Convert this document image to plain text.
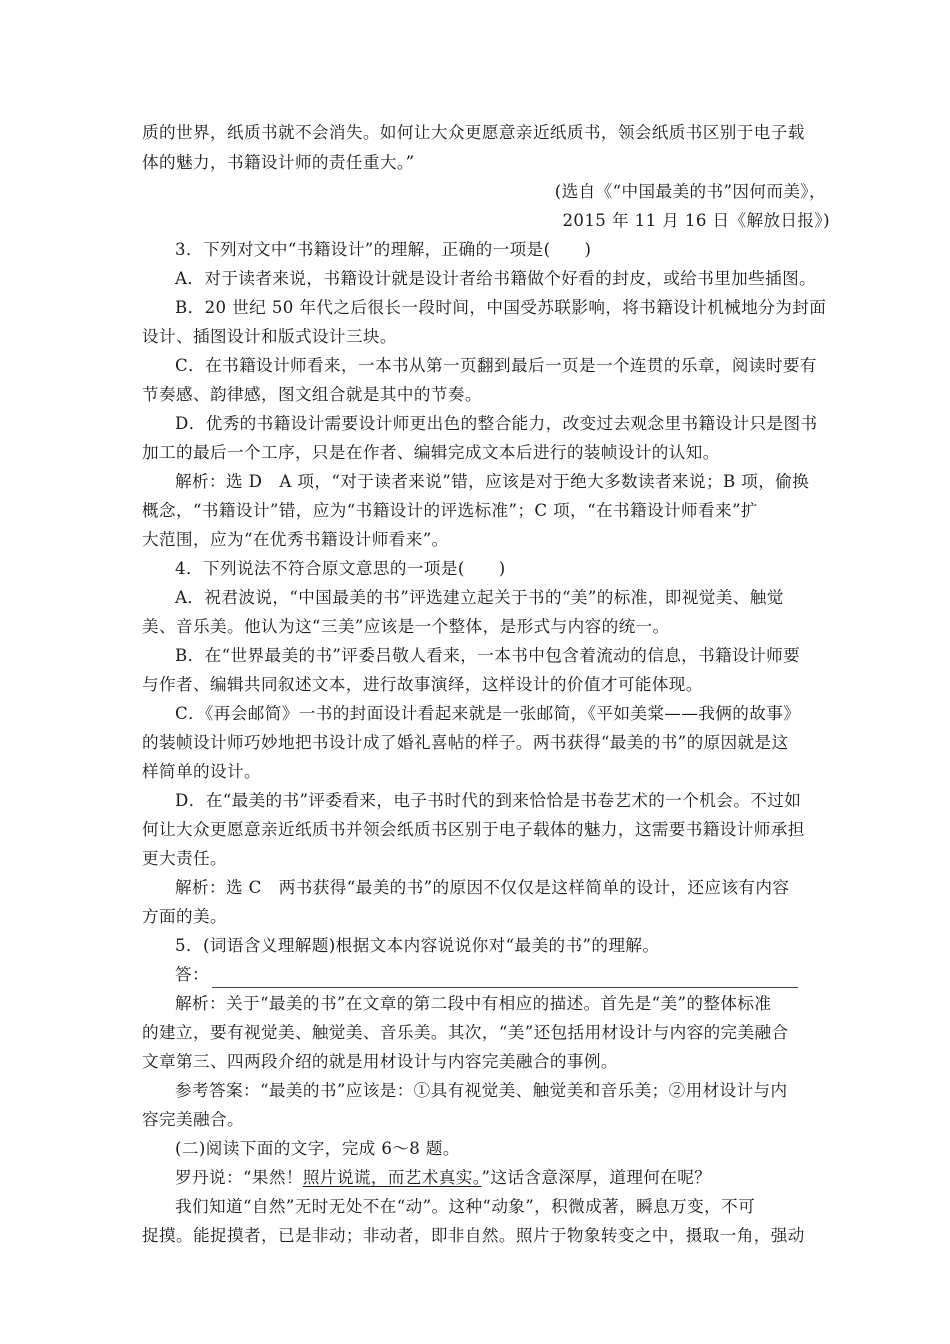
质的世界，纸质书就不会消失。如何让大众更愿意亲近纸质书，领会纸质书区别于电子载
体的魅力，书籍设计师的责任重大。”
(选自《“中国最美的书”因何而美》，
2015 年 11 月 16 日《解放日报》)
3．下列对文中“书籍设计”的理解，正确的一项是(　　)
A．对于读者来说，书籍设计就是设计者给书籍做个好看的封皮，或给书里加些插图。
B．20 世纪 50 年代之后很长一段时间，中国受苏联影响，将书籍设计机械地分为封面
设计、插图设计和版式设计三块。
C．在书籍设计师看来，一本书从第一页翻到最后一页是一个连贯的乐章，阅读时要有
节奏感、韵律感，图文组合就是其中的节奏。
D．优秀的书籍设计需要设计师更出色的整合能力，改变过去观念里书籍设计只是图书
加工的最后一个工序，只是在作者、编辑完成文本后进行的装帧设计的认知。
解析：选 D　A 项，“对于读者来说”错，应该是对于绝大多数读者来说；B 项，偷换
概念，“书籍设计”错，应为“书籍设计的评选标准”；C 项，“在书籍设计师看来”扩
大范围，应为“在优秀书籍设计师看来”。
4．下列说法不符合原文意思的一项是(　　)
A．祝君波说，“中国最美的书”评选建立起关于书的“美”的标准，即视觉美、触觉
美、音乐美。他认为这“三美”应该是一个整体，是形式与内容的统一。
B．在“世界最美的书”评委吕敬人看来，一本书中包含着流动的信息，书籍设计师要
与作者、编辑共同叙述文本，进行故事演绎，这样设计的价值才可能体现。
C．《再会邮简》一书的封面设计看起来就是一张邮简，《平如美棠——我俩的故事》
的装帧设计师巧妙地把书设计成了婚礼喜帖的样子。两书获得“最美的书”的原因就是这
样简单的设计。
D．在“最美的书”评委看来，电子书时代的到来恰恰是书卷艺术的一个机会。不过如
何让大众更愿意亲近纸质书并领会纸质书区别于电子载体的魅力，这需要书籍设计师承担
更大责任。
解析：选 C　两书获得“最美的书”的原因不仅仅是这样简单的设计，还应该有内容
方面的美。
5．(词语含义理解题)根据文本内容说说你对“最美的书”的理解。
答：
解析：关于“最美的书”在文章的第二段中有相应的描述。首先是“美”的整体标准
的建立，要有视觉美、触觉美、音乐美。其次，“美”还包括用材设计与内容的完美融合
文章第三、四两段介绍的就是用材设计与内容完美融合的事例。
参考答案：“最美的书”应该是：①具有视觉美、触觉美和音乐美；②用材设计与内
容完美融合。
(二)阅读下面的文字，完成 6～8 题。
罗丹说：“果然！照片说谎，而艺术真实。”这话含意深厚，道理何在呢？
我们知道“自然”无时无处不在“动”。这种“动象”，积微成著，瞬息万变，不可
捉摸。能捉摸者，已是非动；非动者，即非自然。照片于物象转变之中，摄取一角，强动
